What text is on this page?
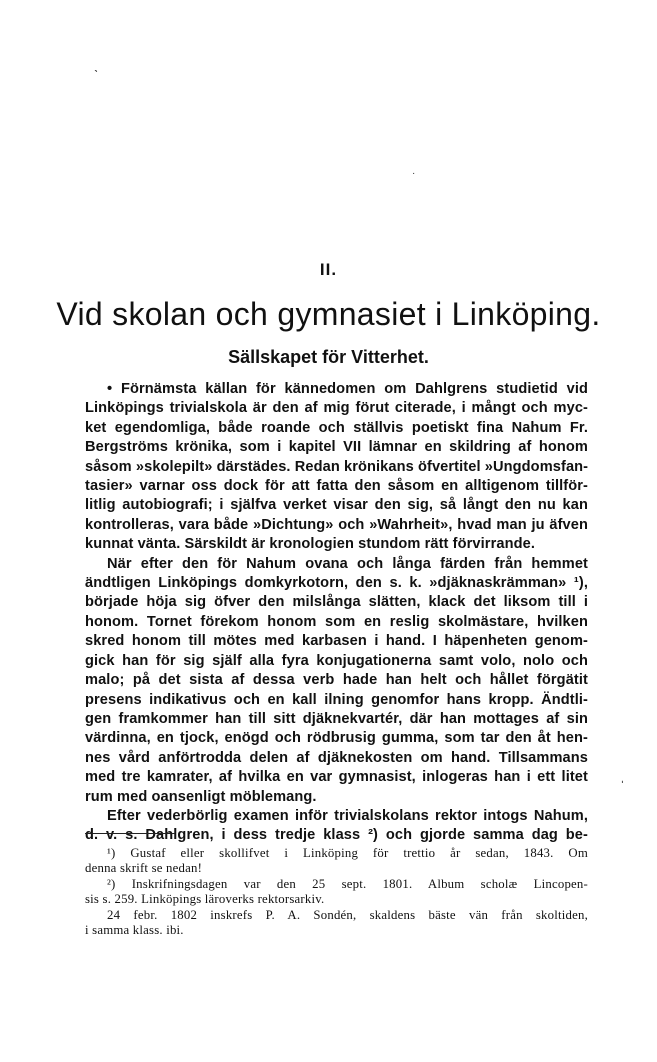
ˎ
·
II.
Vid skolan och gymnasiet i Linköping.
Sällskapet för Vitterhet.
• Förnämsta källan för kännedomen om Dahlgrens studietid vid
Linköpings trivialskola är den af mig förut citerade, i mångt och myc-
ket egendomliga, både roande och ställvis poetiskt fina Nahum Fr.
Bergströms krönika, som i kapitel VII lämnar en skildring af honom
såsom »skolepilt» därstädes. Redan krönikans öfvertitel »Ungdomsfan-
tasier» varnar oss dock för att fatta den såsom en alltigenom tillför-
litlig autobiografi; i själfva verket visar den sig, så långt den nu kan
kontrolleras, vara både »Dichtung» och »Wahrheit», hvad man ju äfven
kunnat vänta. Särskildt är kronologien stundom rätt förvirrande.
När efter den för Nahum ovana och långa färden från hemmet
ändtligen Linköpings domkyrkotorn, den s. k. »djäknaskrämman» ¹),
började höja sig öfver den milslånga slätten, klack det liksom till i
honom. Tornet förekom honom som en reslig skolmästare, hvilken
skred honom till mötes med karbasen i hand. I häpenheten genom-
gick han för sig själf alla fyra konjugationerna samt volo, nolo och
malo; på det sista af dessa verb hade han helt och hållet förgätit
presens indikativus och en kall ilning genomfor hans kropp. Ändtli-
gen framkommer han till sitt djäknekvartér, där han mottages af sin
värdinna, en tjock, enögd och rödbrusig gumma, som tar den åt hen-
nes vård anförtrodda delen af djäknekosten om hand. Tillsammans
med tre kamrater, af hvilka en var gymnasist, inlogeras han i ett litet
rum med oansenligt möblemang.
Efter vederbörlig examen inför trivialskolans rektor intogs Nahum,
d. v. s. Dahlgren, i dess tredje klass ²) och gjorde samma dag be-
ˈ
¹) Gustaf eller skollifvet i Linköping för trettio år sedan, 1843. Om
denna skrift se nedan!
²) Inskrifningsdagen var den 25 sept. 1801. Album scholæ Lincopen-
sis s. 259. Linköpings läroverks rektorsarkiv.
24 febr. 1802 inskrefs P. A. Sondén, skaldens bäste vän från skoltiden,
i samma klass. ibi.
